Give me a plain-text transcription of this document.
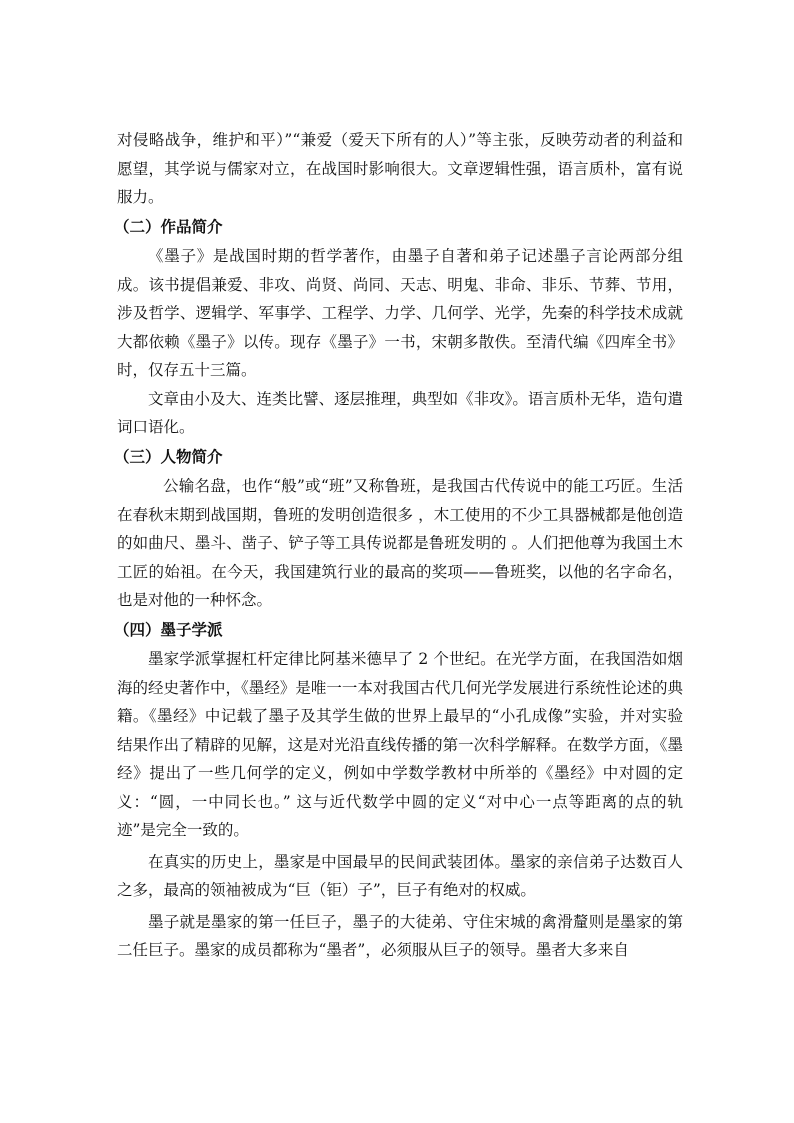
对侵略战争，维护和平）”“兼爱（爱天下所有的人）”等主张，反映劳动者的利益和愿望，其学说与儒家对立，在战国时影响很大。文章逻辑性强，语言质朴，富有说服力。

（二）作品简介

《墨子》是战国时期的哲学著作，由墨子自著和弟子记述墨子言论两部分组成。该书提倡兼爱、非攻、尚贤、尚同、天志、明鬼、非命、非乐、节葬、节用，涉及哲学、逻辑学、军事学、工程学、力学、几何学、光学，先秦的科学技术成就大都依赖《墨子》以传。现存《墨子》一书，宋朝多散佚。至清代编《四库全书》时，仅存五十三篇。

文章由小及大、连类比譬、逐层推理，典型如《非攻》。语言质朴无华，造句遣词口语化。

（三）人物简介

公输名盘，也作“般”或“班”又称鲁班，是我国古代传说中的能工巧匠。生活在春秋末期到战国期，鲁班的发明创造很多 ，木工使用的不少工具器械都是他创造的如曲尺、墨斗、凿子、铲子等工具传说都是鲁班发明的 。人们把他尊为我国土木工匠的始祖。在今天，我国建筑行业的最高的奖项——鲁班奖，以他的名字命名，也是对他的一种怀念。

（四）墨子学派

墨家学派掌握杠杆定律比阿基米德早了 2 个世纪。在光学方面，在我国浩如烟海的经史著作中，《墨经》是唯一一本对我国古代几何光学发展进行系统性论述的典籍。《墨经》中记载了墨子及其学生做的世界上最早的“小孔成像”实验，并对实验结果作出了精辟的见解，这是对光沿直线传播的第一次科学解释。在数学方面，《墨经》提出了一些几何学的定义，例如中学数学教材中所举的《墨经》中对圆的定义：“圆，一中同长也。” 这与近代数学中圆的定义“对中心一点等距离的点的轨迹”是完全一致的。

在真实的历史上，墨家是中国最早的民间武装团体。墨家的亲信弟子达数百人之多，最高的领袖被成为“巨（钜）子”，巨子有绝对的权威。

墨子就是墨家的第一任巨子，墨子的大徒弟、守住宋城的禽滑釐则是墨家的第二任巨子。墨家的成员都称为“墨者”，必须服从巨子的领导。墨者大多来自
